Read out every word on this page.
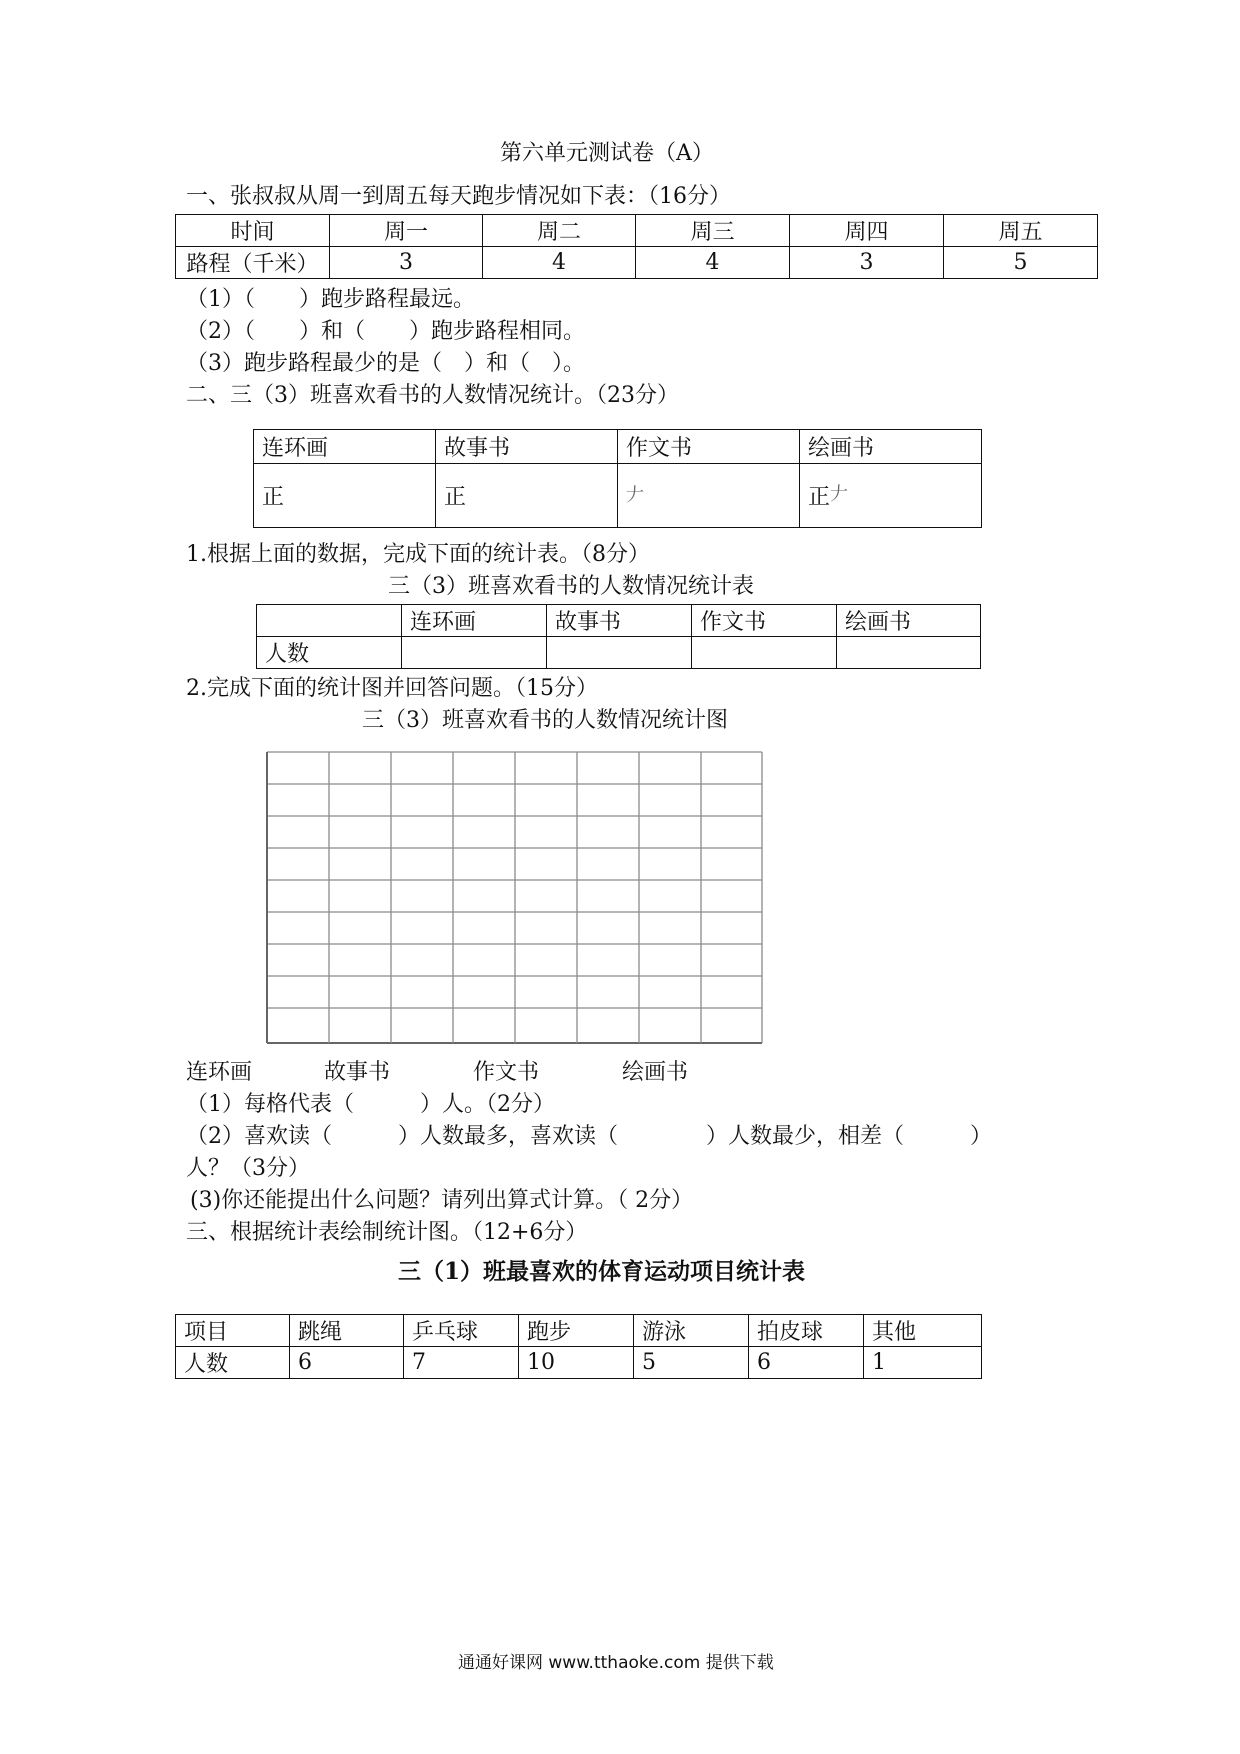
第六单元测试卷（A）
一、张叔叔从周一到周五每天跑步情况如下表：（16分）
时间	周一	周二	周三	周四	周五
路程（千米）	3	4	4	3	5
（1）（　　）跑步路程最远。
（2）（　　）和（　　）跑步路程相同。
（3）跑步路程最少的是（　）和（　）。
二、三（3）班喜欢看书的人数情况统计。（23分）
连环画	故事书	作文书	绘画书
正	正	𠂇	正𠂇
1.根据上面的数据，完成下面的统计表。（8分）
三（3）班喜欢看书的人数情况统计表
	连环画	故事书	作文书	绘画书
人数				
2.完成下面的统计图并回答问题。（15分）
三（3）班喜欢看书的人数情况统计图
连环画	故事书	作文书	绘画书
（1）每格代表（　　　）人。（2分）
（2）喜欢读（　　　）人数最多，喜欢读（　　　　）人数最少，相差（　　　）
人？（3分）
(3)你还能提出什么问题？请列出算式计算。（ 2分）
三、根据统计表绘制统计图。（12+6分）
三（1）班最喜欢的体育运动项目统计表
项目	跳绳	乒乓球	跑步	游泳	拍皮球	其他
人数	6	7	10	5	6	1
通通好课网 www.tthaoke.com 提供下载
